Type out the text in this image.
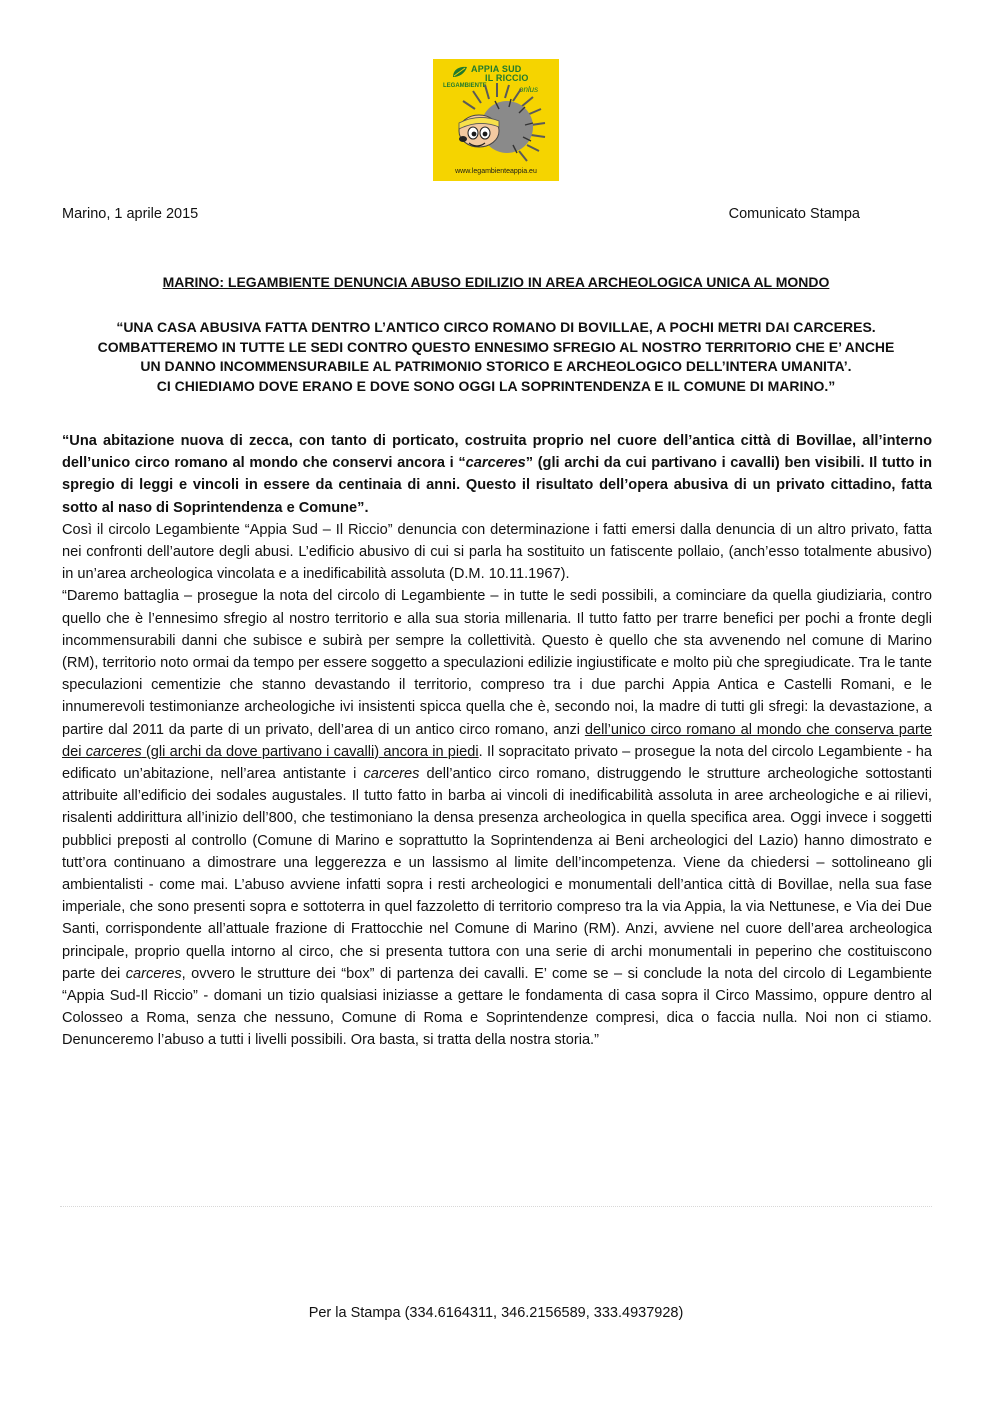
APPIA SUD
IL RICCIO
onlus
LEGAMBIENTE
www.legambienteappia.eu
Marino, 1 aprile 2015	Comunicato Stampa
MARINO: LEGAMBIENTE DENUNCIA ABUSO EDILIZIO IN AREA ARCHEOLOGICA UNICA AL MONDO
“UNA CASA ABUSIVA FATTA DENTRO L’ANTICO CIRCO ROMANO DI BOVILLAE, A POCHI METRI DAI CARCERES.
COMBATTEREMO IN TUTTE LE SEDI CONTRO QUESTO ENNESIMO SFREGIO AL NOSTRO TERRITORIO CHE E’ ANCHE
UN DANNO INCOMMENSURABILE AL PATRIMONIO STORICO E ARCHEOLOGICO DELL’INTERA UMANITA’.
CI CHIEDIAMO DOVE ERANO E DOVE SONO OGGI LA SOPRINTENDENZA E IL COMUNE DI MARINO.”

“Una abitazione nuova di zecca, con tanto di porticato, costruita proprio nel cuore dell’antica città di Bovillae, all’interno dell’unico circo romano al mondo che conservi ancora i “carceres” (gli archi da cui partivano i cavalli) ben visibili. Il tutto in spregio di leggi e vincoli in essere da centinaia di anni. Questo il risultato dell’opera abusiva di un privato cittadino, fatta sotto al naso di Soprintendenza e Comune”.

Così il circolo Legambiente “Appia Sud – Il Riccio” denuncia con determinazione i fatti emersi dalla denuncia di un altro privato, fatta nei confronti dell’autore degli abusi. L’edificio abusivo di cui si parla ha sostituito un fatiscente pollaio, (anch’esso totalmente abusivo) in un’area archeologica vincolata e a inedificabilità assoluta (D.M. 10.11.1967).

“Daremo battaglia – prosegue la nota del circolo di Legambiente – in tutte le sedi possibili, a cominciare da quella giudiziaria, contro quello che è l’ennesimo sfregio al nostro territorio e alla sua storia millenaria. Il tutto fatto per trarre benefici per pochi a fronte degli incommensurabili danni che subisce e subirà per sempre la collettività. Questo è quello che sta avvenendo nel comune di Marino (RM), territorio noto ormai da tempo per essere soggetto a speculazioni edilizie ingiustificate e molto più che spregiudicate. Tra le tante speculazioni cementizie che stanno devastando il territorio, compreso tra i due parchi Appia Antica e Castelli Romani, e le innumerevoli testimonianze archeologiche ivi insistenti spicca quella che è, secondo noi, la madre di tutti gli sfregi: la devastazione, a partire dal 2011 da parte di un privato, dell’area di un antico circo romano, anzi dell’unico circo romano al mondo che conserva parte dei carceres (gli archi da dove partivano i cavalli) ancora in piedi. Il sopracitato privato – prosegue la nota del circolo Legambiente - ha edificato un’abitazione, nell’area antistante i carceres dell’antico circo romano, distruggendo le strutture archeologiche sottostanti attribuite all’edificio dei sodales augustales. Il tutto fatto in barba ai vincoli di inedificabilità assoluta in aree archeologiche e ai rilievi, risalenti addirittura all’inizio dell’800, che testimoniano la densa presenza archeologica in quella specifica area. Oggi invece i soggetti pubblici preposti al controllo (Comune di Marino e soprattutto la Soprintendenza ai Beni archeologici del Lazio) hanno dimostrato e tutt’ora continuano a dimostrare una leggerezza e un lassismo al limite dell’incompetenza. Viene da chiedersi – sottolineano gli ambientalisti - come mai. L’abuso avviene infatti sopra i resti archeologici e monumentali dell’antica città di Bovillae, nella sua fase imperiale, che sono presenti sopra e sottoterra in quel fazzoletto di territorio compreso tra la via Appia, la via Nettunese, e Via dei Due Santi, corrispondente all’attuale frazione di Frattocchie nel Comune di Marino (RM). Anzi, avviene nel cuore dell’area archeologica principale, proprio quella intorno al circo, che si presenta tuttora con una serie di archi monumentali in peperino che costituiscono parte dei carceres, ovvero le strutture dei “box” di partenza dei cavalli. E’ come se – si conclude la nota del circolo di Legambiente “Appia Sud-Il Riccio” - domani un tizio qualsiasi iniziasse a gettare le fondamenta di casa sopra il Circo Massimo, oppure dentro al Colosseo a Roma, senza che nessuno, Comune di Roma e Soprintendenze compresi, dica o faccia nulla. Noi non ci stiamo. Denunceremo l’abuso a tutti i livelli possibili. Ora basta, si tratta della nostra storia.”

Per la Stampa (334.6164311, 346.2156589, 333.4937928)
